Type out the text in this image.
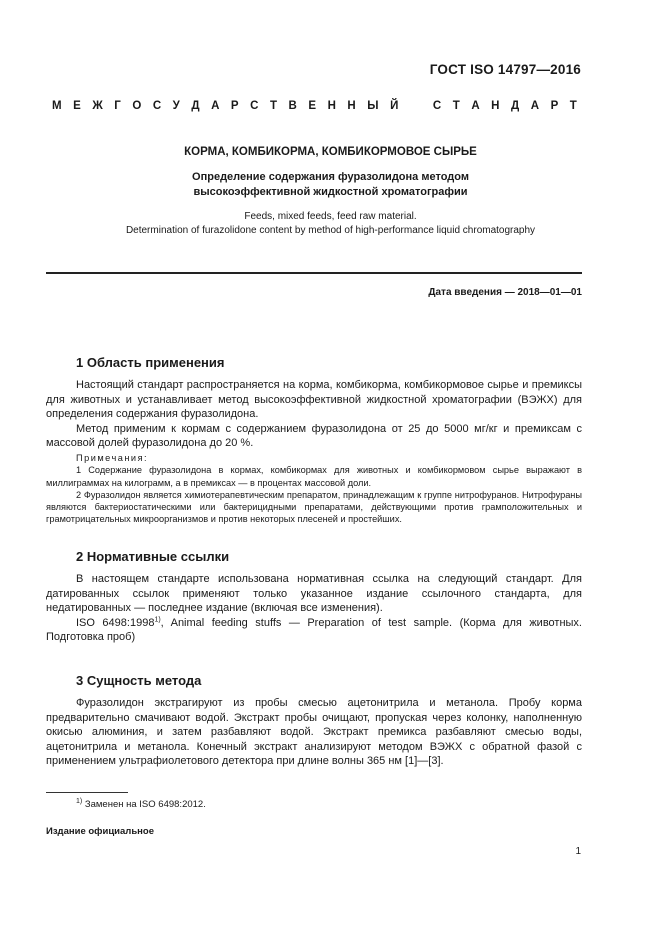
ГОСТ ISO 14797—2016
М Е Ж Г О С У Д А Р С Т В Е Н Н Ы Й	С Т А Н Д А Р Т
КОРМА, КОМБИКОРМА, КОМБИКОРМОВОЕ СЫРЬЕ
Определение содержания фуразолидона методом
высокоэффективной жидкостной хроматографии
Feeds, mixed feeds, feed raw material.
Determination of furazolidone content by method of high-performance liquid chromatography
Дата введения — 2018—01—01
1 Область применения

Настоящий стандарт распространяется на корма, комбикорма, комбикормовое сырье и премиксы для животных и устанавливает метод высокоэффективной жидкостной хроматографии (ВЭЖХ) для определения содержания фуразолидона.

Метод применим к кормам с содержанием фуразолидона от 25 до 5000 мг/кг и премиксам с массовой долей фуразолидона до 20 %.

Примечания:

1 Содержание фуразолидона в кормах, комбикормах для животных и комбикормовом сырье выражают в миллиграммах на килограмм, а в премиксах — в процентах массовой доли.

2 Фуразолидон является химиотерапевтическим препаратом, принадлежащим к группе нитрофуранов. Нитрофураны являются бактериостатическими или бактерицидными препаратами, действующими против грамположительных и грамотрицательных микроорганизмов и против некоторых плесеней и простейших.

2 Нормативные ссылки

В настоящем стандарте использована нормативная ссылка на следующий стандарт. Для датированных ссылок применяют только указанное издание ссылочного стандарта, для недатированных — последнее издание (включая все изменения).

ISO 6498:1998$^{1)}$, Animal feeding stuffs — Preparation of test sample. (Корма для животных. Подготовка проб)

3 Сущность метода

Фуразолидон экстрагируют из пробы смесью ацетонитрила и метанола. Пробу корма предварительно смачивают водой. Экстракт пробы очищают, пропуская через колонку, наполненную окисью алюминия, и затем разбавляют водой. Экстракт премикса разбавляют смесью воды, ацетонитрила и метанола. Конечный экстракт анализируют методом ВЭЖХ с обратной фазой с применением ультрафиолетового детектора при длине волны 365 нм [1]—[3].

$^{1)}$ Заменен на ISO 6498:2012.
Издание официальное
1
